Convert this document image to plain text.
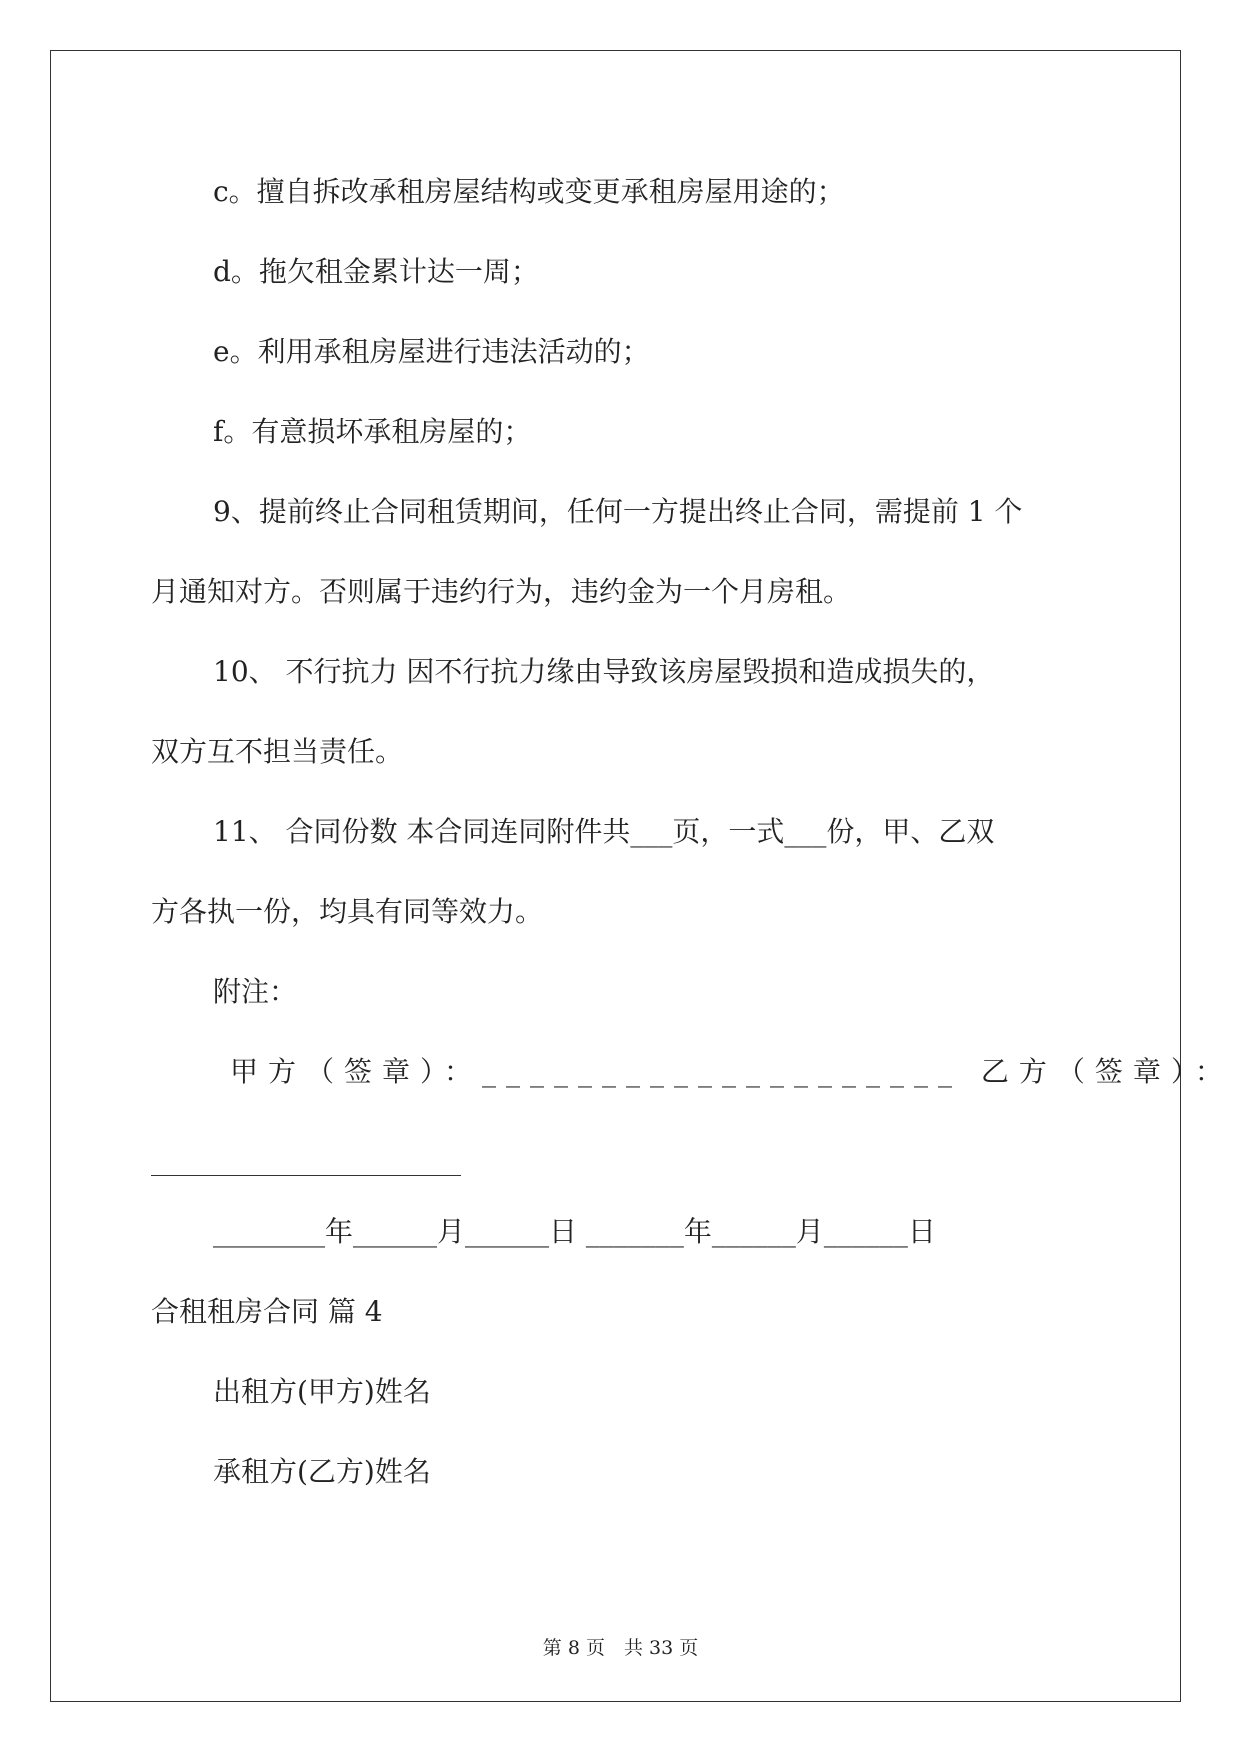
c。擅自拆改承租房屋结构或变更承租房屋用途的；

d。拖欠租金累计达一周；

e。利用承租房屋进行违法活动的；

f。有意损坏承租房屋的；

9、提前终止合同租赁期间，任何一方提出终止合同，需提前 1 个

月通知对方。否则属于违约行为，违约金为一个月房租。

10、 不行抗力 因不行抗力缘由导致该房屋毁损和造成损失的，

双方互不担当责任。

11、 合同份数 本合同连同附件共___页，一式___份，甲、乙双

方各执一份，均具有同等效力。

附注：

甲方（签章）：____________________ 乙方（签章）：

________年______月______日 _______年______月______日

合租租房合同 篇 4

出租方(甲方)姓名

承租方(乙方)姓名

第 8 页　共 33 页
